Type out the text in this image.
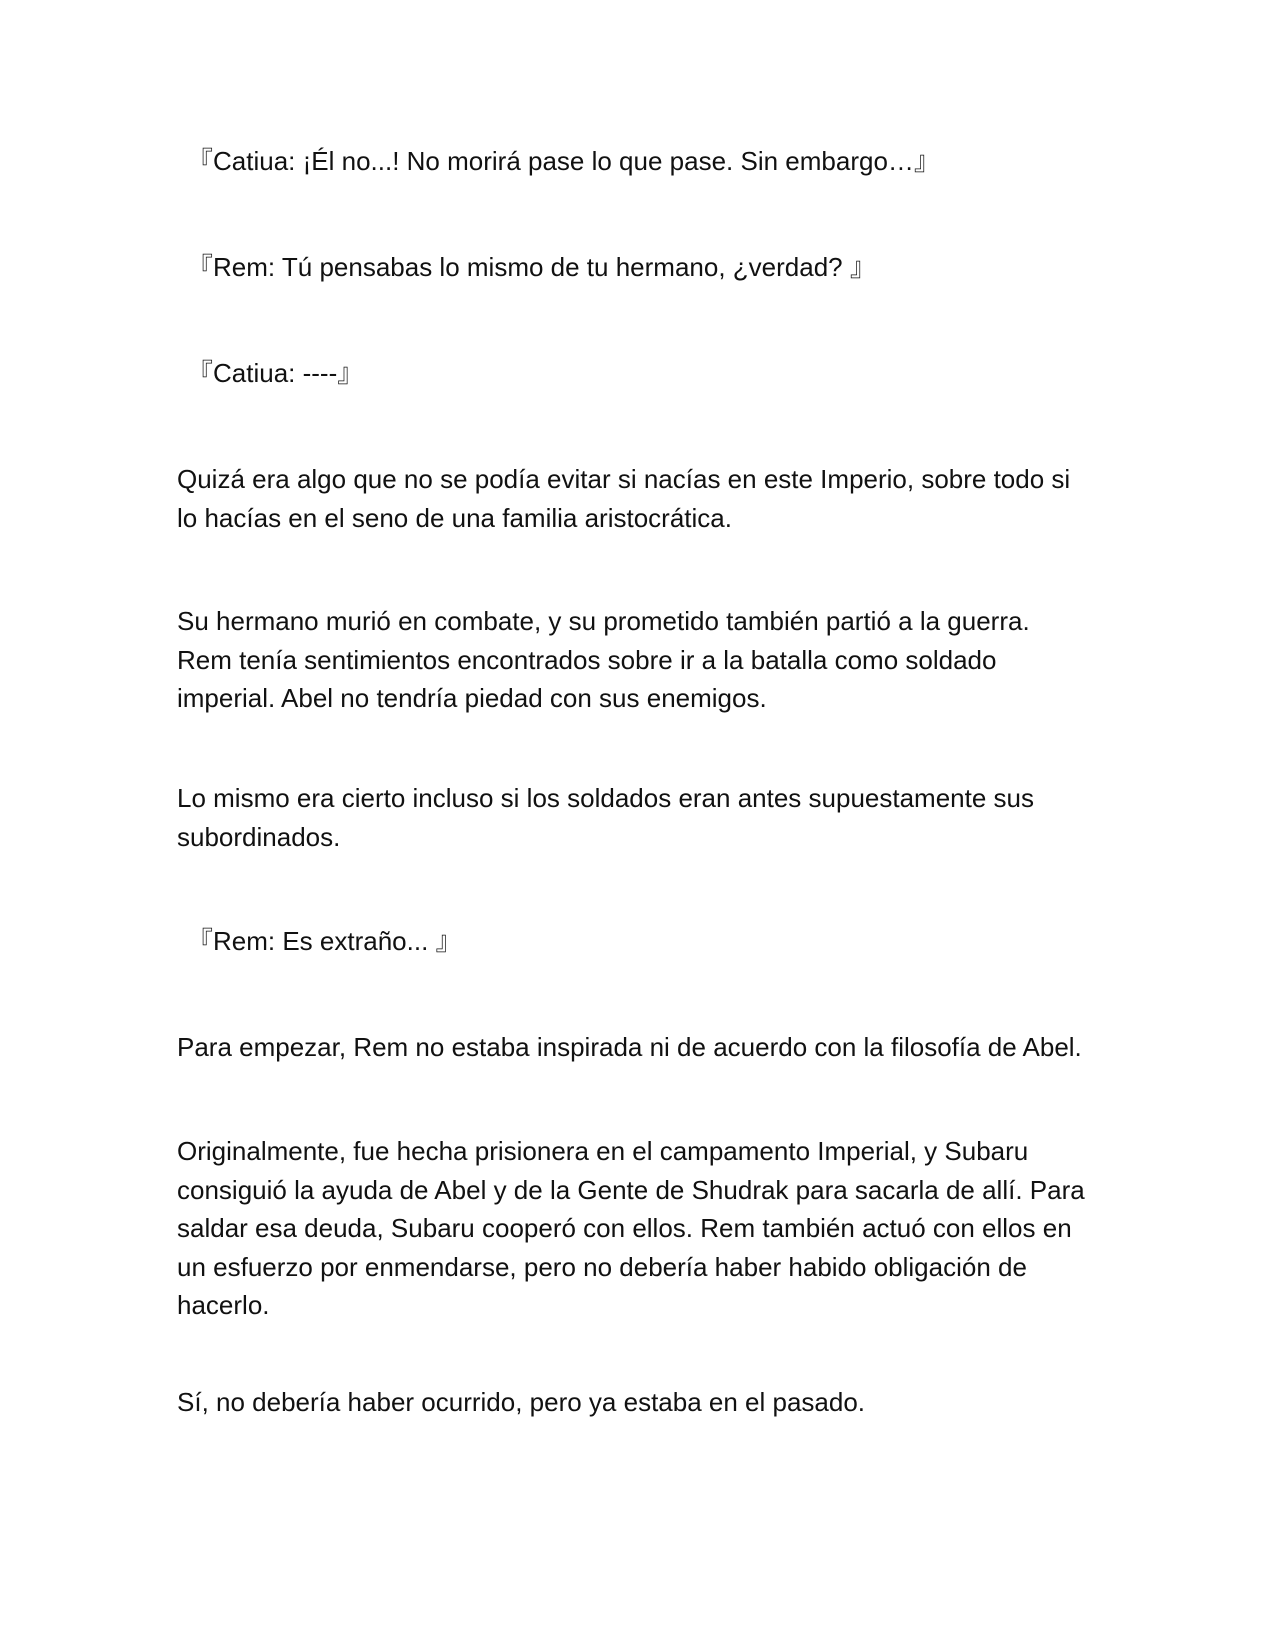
『Catiua: ¡Él no...! No morirá pase lo que pase. Sin embargo…』

『Rem: Tú pensabas lo mismo de tu hermano, ¿verdad? 』

『Catiua: ----』

Quizá era algo que no se podía evitar si nacías en este Imperio, sobre todo si
lo hacías en el seno de una familia aristocrática.

Su hermano murió en combate, y su prometido también partió a la guerra.
Rem tenía sentimientos encontrados sobre ir a la batalla como soldado
imperial. Abel no tendría piedad con sus enemigos.

Lo mismo era cierto incluso si los soldados eran antes supuestamente sus
subordinados.

『Rem: Es extraño... 』

Para empezar, Rem no estaba inspirada ni de acuerdo con la filosofía de Abel.

Originalmente, fue hecha prisionera en el campamento Imperial, y Subaru
consiguió la ayuda de Abel y de la Gente de Shudrak para sacarla de allí. Para
saldar esa deuda, Subaru cooperó con ellos. Rem también actuó con ellos en
un esfuerzo por enmendarse, pero no debería haber habido obligación de
hacerlo.

Sí, no debería haber ocurrido, pero ya estaba en el pasado.
